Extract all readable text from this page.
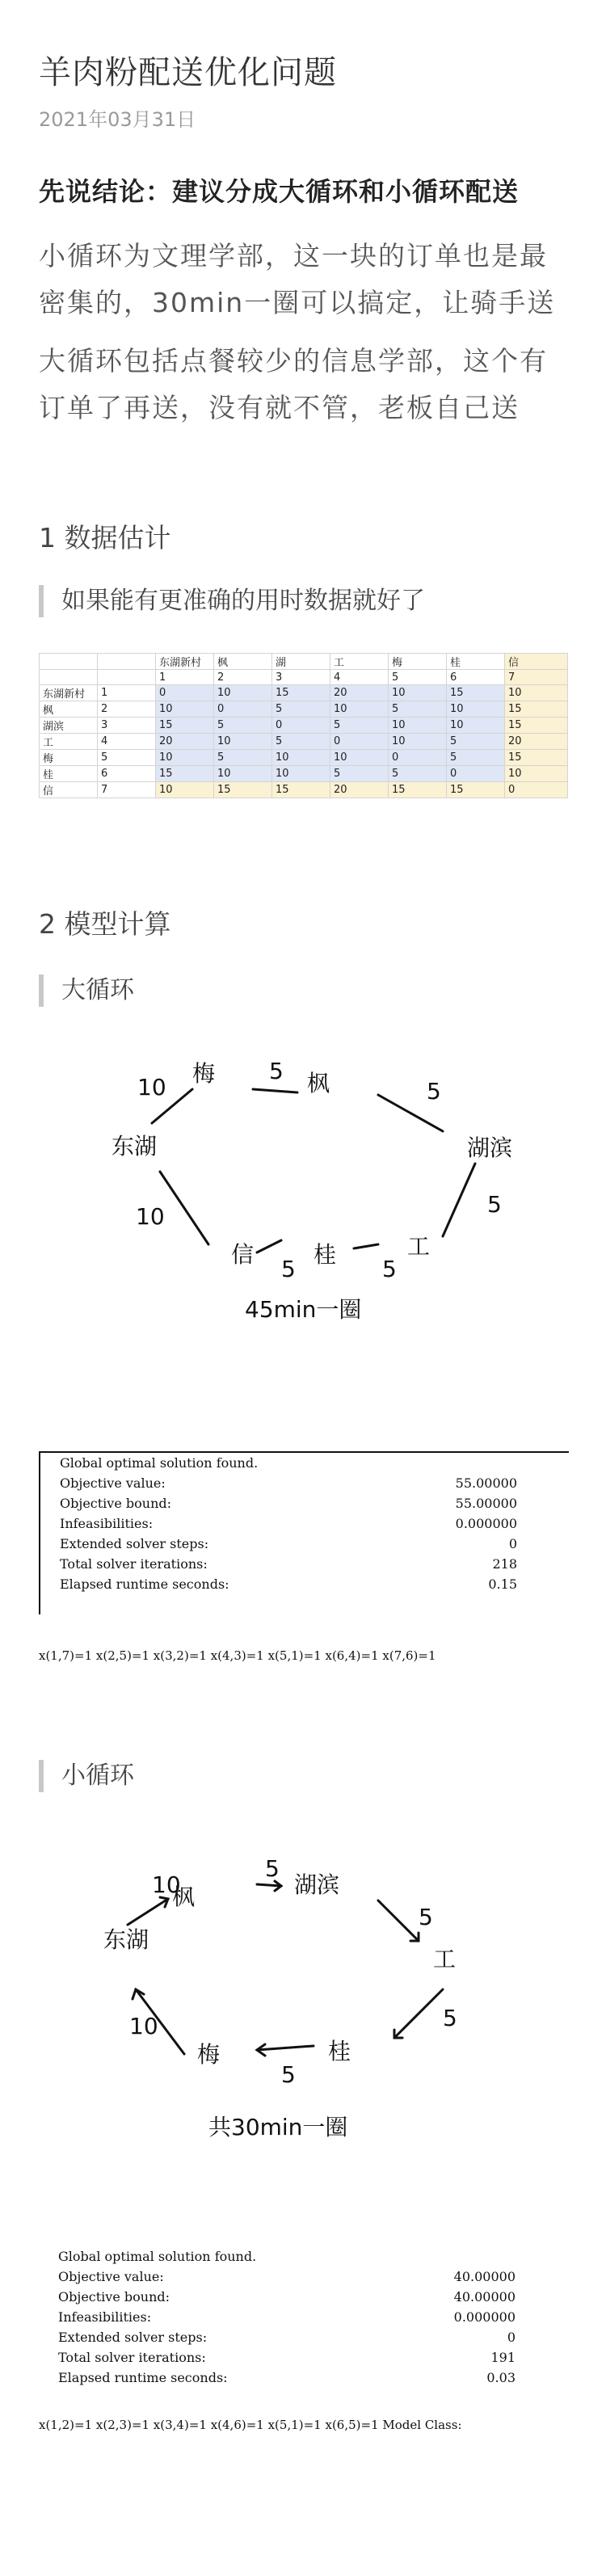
羊肉粉配送优化问题
2021年03月31日
先说结论：建议分成大循环和小循环配送
小循环为文理学部，这一块的订单也是最密集的，30min一圈可以搞定，让骑手送
大循环包括点餐较少的信息学部，这个有订单了再送，没有就不管，老板自己送
1 数据估计
如果能有更准确的用时数据就好了
		东湖新村	枫	湖	工	梅	桂	信
		1	2	3	4	5	6	7
东湖新村	1	0	10	15	20	10	15	10
枫	2	10	0	5	10	5	10	15
湖滨	3	15	5	0	5	10	10	15
工	4	20	10	5	0	10	5	20
梅	5	10	5	10	10	0	5	15
桂	6	15	10	10	5	5	0	10
信	7	10	15	15	20	15	15	0
2 模型计算
大循环
梅	枫
东湖	湖滨
信	桂	工
10
5
5
10	5
5	5
45min一圈
Global optimal solution found.
Objective value:	55.00000
Objective bound:	55.00000
Infeasibilities:	0.000000
Extended solver steps:	0
Total solver iterations:	218
Elapsed runtime seconds:	0.15
x(1,7)=1 x(2,5)=1 x(3,2)=1 x(4,3)=1 x(5,1)=1 x(6,4)=1 x(7,6)=1
小循环
枫	湖滨
东湖
工
梅	桂
10
5
5
10	5
5
共30min一圈
Global optimal solution found.
Objective value:	40.00000
Objective bound:	40.00000
Infeasibilities:	0.000000
Extended solver steps:	0
Total solver iterations:	191
Elapsed runtime seconds:	0.03
x(1,2)=1 x(2,3)=1 x(3,4)=1 x(4,6)=1 x(5,1)=1 x(6,5)=1 Model Class:
